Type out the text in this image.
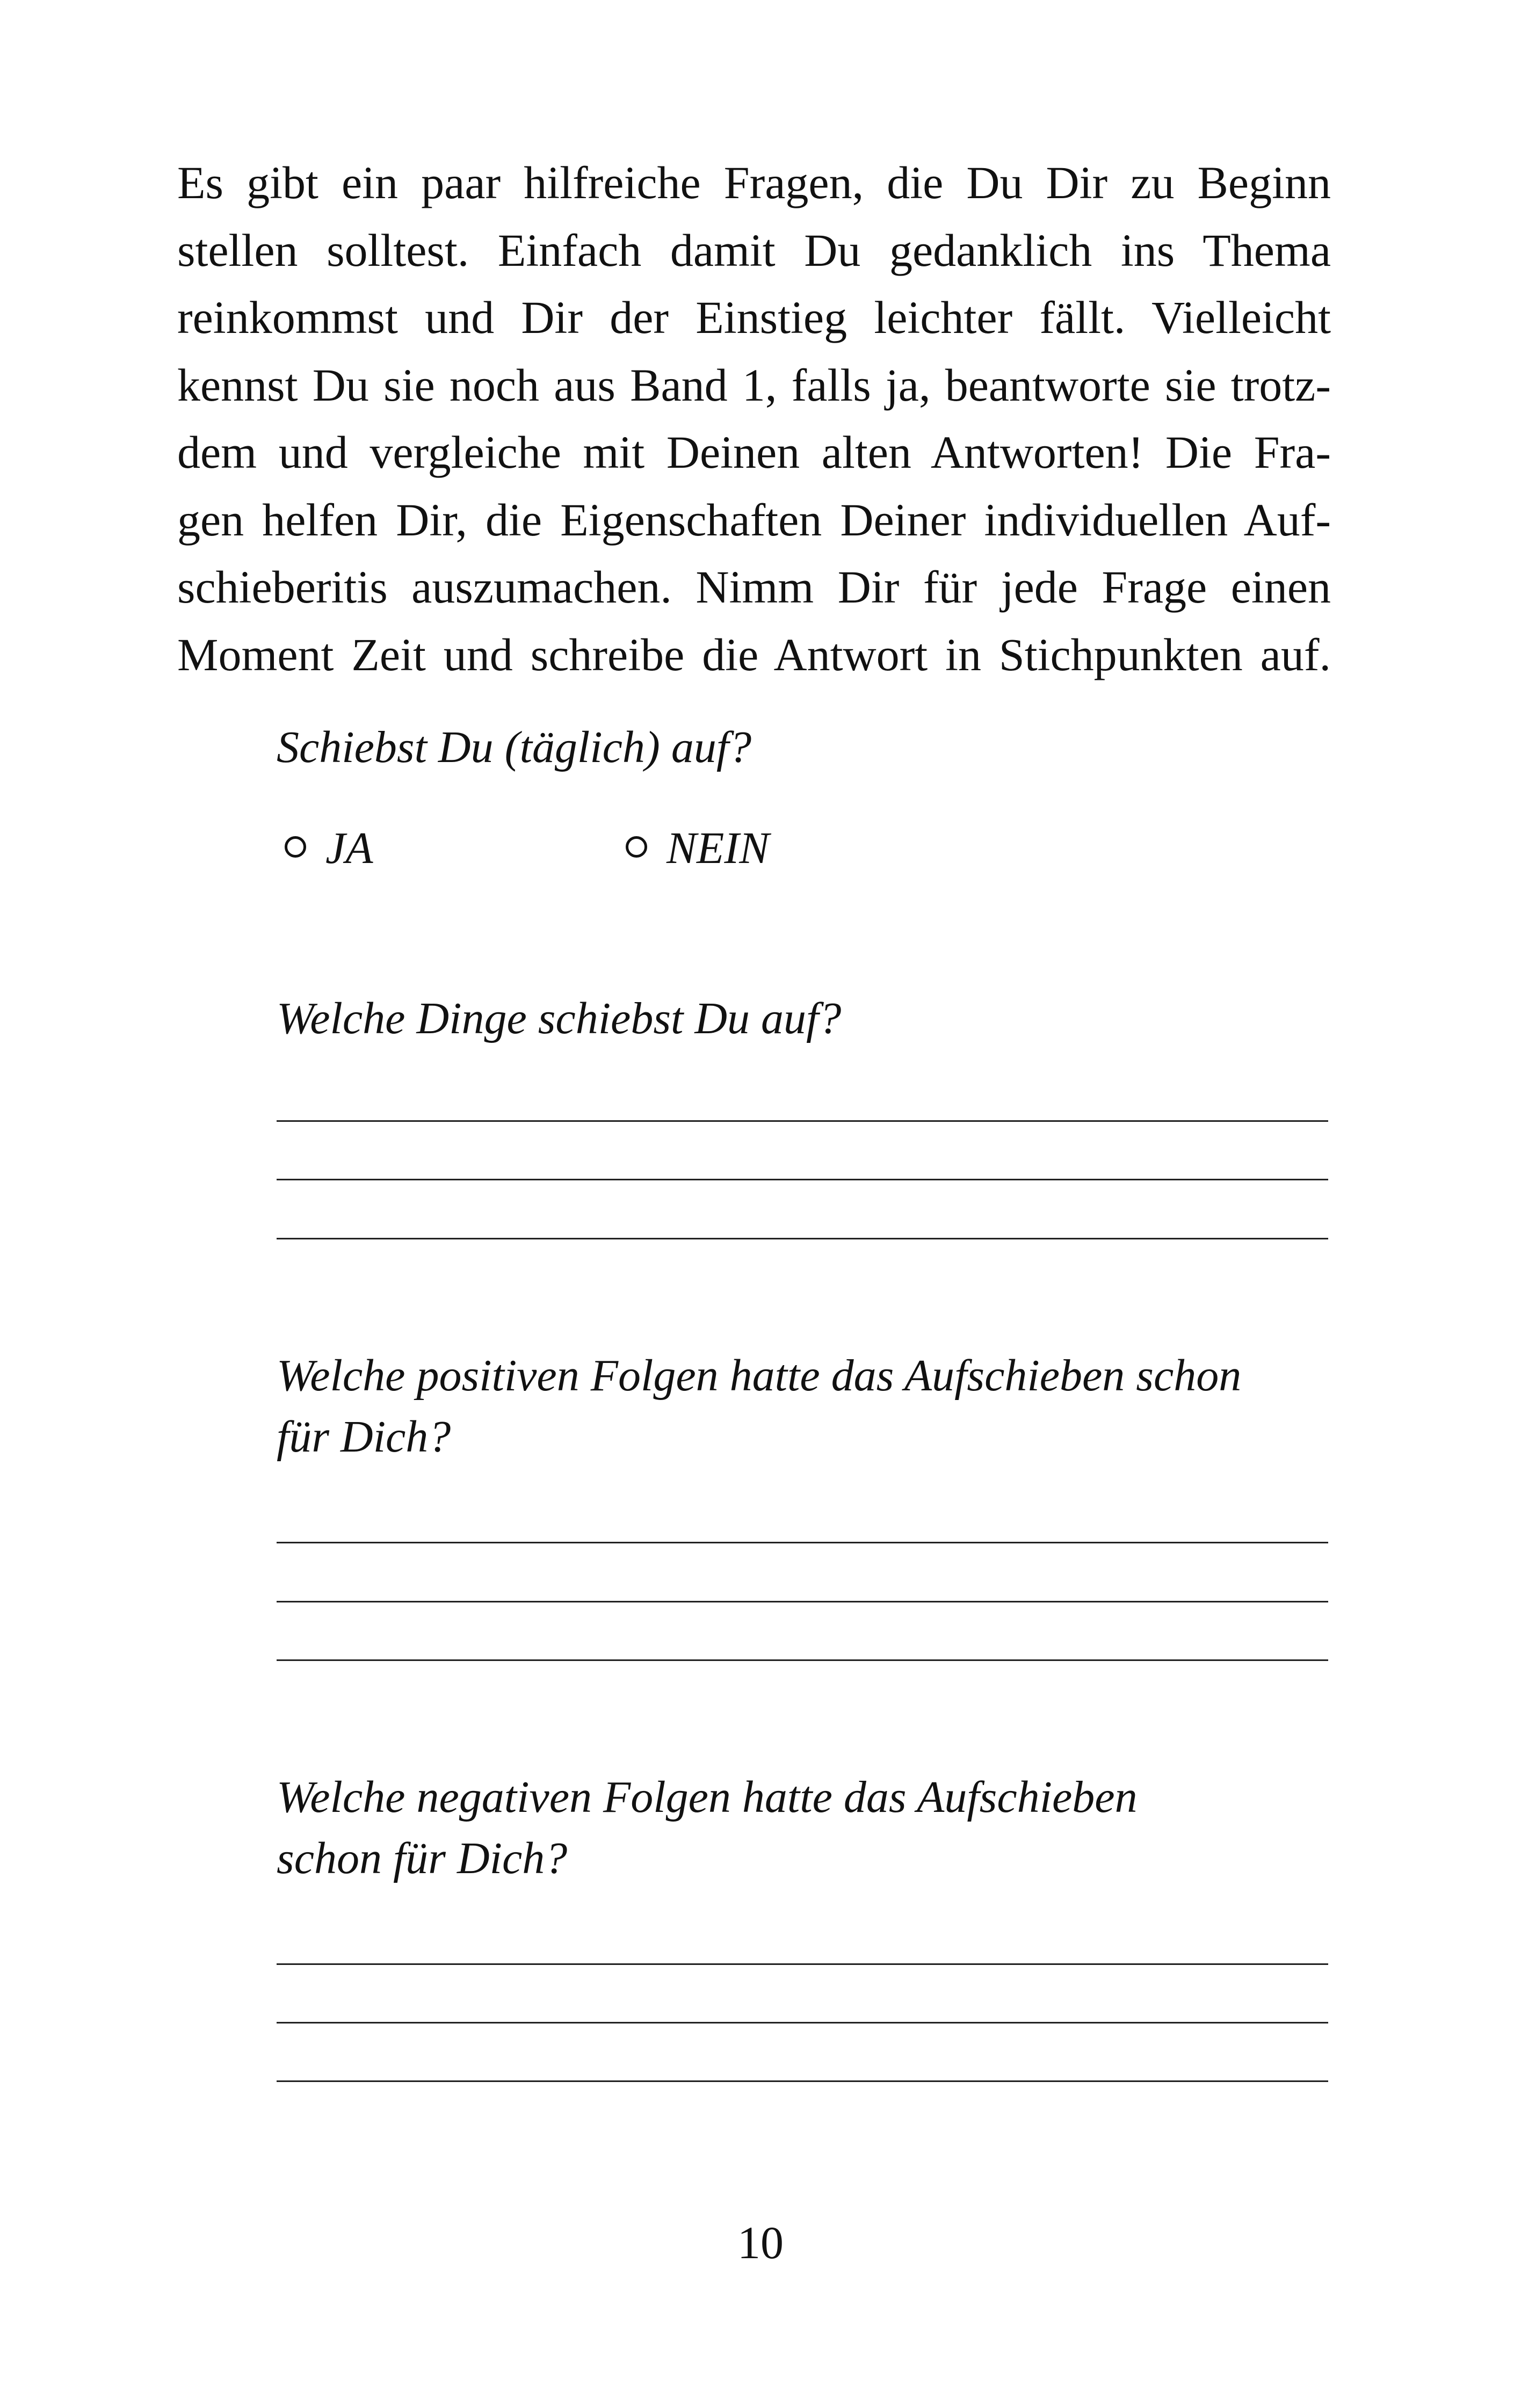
Es gibt ein paar hilfreiche Fragen, die Du Dir zu Beginn
stellen solltest. Einfach damit Du gedanklich ins Thema
reinkommst und Dir der Einstieg leichter fällt. Vielleicht
kennst Du sie noch aus Band 1, falls ja, beantworte sie trotz-
dem und vergleiche mit Deinen alten Antworten! Die Fra-
gen helfen Dir, die Eigenschaften Deiner individuellen Auf-
schieberitis auszumachen. Nimm Dir für jede Frage einen
Moment Zeit und schreibe die Antwort in Stichpunkten auf.
Schiebst Du (täglich) auf?
JA	NEIN
Welche Dinge schiebst Du auf?
Welche positiven Folgen hatte das Aufschieben schon
für Dich?
Welche negativen Folgen hatte das Aufschieben
schon für Dich?
10
